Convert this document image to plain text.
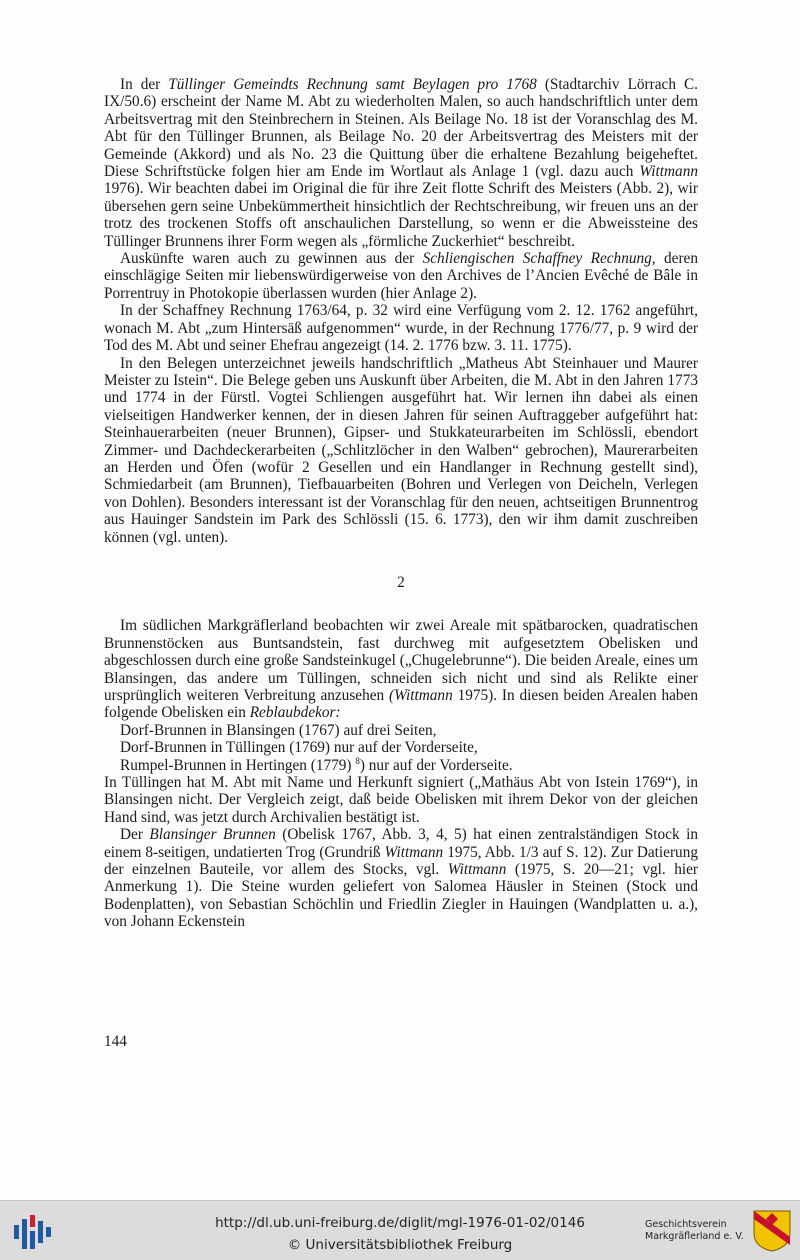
In der Tüllinger Gemeindts Rechnung samt Beylagen pro 1768 (Stadtarchiv Lörrach C. IX/50.6) erscheint der Name M. Abt zu wiederholten Malen, so auch handschriftlich unter dem Arbeitsvertrag mit den Steinbrechern in Steinen. Als Beilage No. 18 ist der Voranschlag des M. Abt für den Tüllinger Brunnen, als Beilage No. 20 der Arbeitsvertrag des Meisters mit der Gemeinde (Akkord) und als No. 23 die Quittung über die erhaltene Bezahlung beigeheftet. Diese Schriftstücke folgen hier am Ende im Wortlaut als Anlage 1 (vgl. dazu auch Wittmann 1976). Wir beachten dabei im Original die für ihre Zeit flotte Schrift des Meisters (Abb. 2), wir übersehen gern seine Unbekümmertheit hinsichtlich der Rechtschreibung, wir freuen uns an der trotz des trockenen Stoffs oft anschaulichen Darstellung, so wenn er die Abweissteine des Tüllinger Brunnens ihrer Form wegen als „förmliche Zuckerhiet“ beschreibt.

Auskünfte waren auch zu gewinnen aus der Schliengischen Schaffney Rechnung, deren einschlägige Seiten mir liebenswürdigerweise von den Archives de l’Ancien Evêché de Bâle in Porrentruy in Photokopie überlassen wurden (hier Anlage 2).

In der Schaffney Rechnung 1763/64, p. 32 wird eine Verfügung vom 2. 12. 1762 angeführt, wonach M. Abt „zum Hintersäß aufgenommen“ wurde, in der Rechnung 1776/77, p. 9 wird der Tod des M. Abt und seiner Ehefrau angezeigt (14. 2. 1776 bzw. 3. 11. 1775).

In den Belegen unterzeichnet jeweils handschriftlich „Matheus Abt Steinhauer und Maurer Meister zu Istein“. Die Belege geben uns Auskunft über Arbeiten, die M. Abt in den Jahren 1773 und 1774 in der Fürstl. Vogtei Schliengen ausgeführt hat. Wir lernen ihn dabei als einen vielseitigen Handwerker kennen, der in diesen Jahren für seinen Auftraggeber aufgeführt hat: Steinhauerarbeiten (neuer Brunnen), Gipser- und Stukkateurarbeiten im Schlössli, ebendort Zimmer- und Dachdeckerarbeiten („Schlitzlöcher in den Walben“ gebrochen), Maurerarbeiten an Herden und Öfen (wofür 2 Gesellen und ein Handlanger in Rechnung gestellt sind), Schmiedarbeit (am Brunnen), Tiefbauarbeiten (Bohren und Verlegen von Deicheln, Verlegen von Dohlen). Besonders interessant ist der Voranschlag für den neuen, achtseitigen Brunnentrog aus Hauinger Sandstein im Park des Schlössli (15. 6. 1773), den wir ihm damit zuschreiben können (vgl. unten).

2

Im südlichen Markgräflerland beobachten wir zwei Areale mit spätbarocken, quadratischen Brunnenstöcken aus Buntsandstein, fast durchweg mit aufgesetztem Obelisken und abgeschlossen durch eine große Sandsteinkugel („Chugelebrunne“). Die beiden Areale, eines um Blansingen, das andere um Tüllingen, schneiden sich nicht und sind als Relikte einer ursprünglich weiteren Verbreitung anzusehen (Wittmann 1975). In diesen beiden Arealen haben folgende Obelisken ein Reblaubdekor:

Dorf-Brunnen in Blansingen (1767) auf drei Seiten,
Dorf-Brunnen in Tüllingen (1769) nur auf der Vorderseite,
Rumpel-Brunnen in Hertingen (1779) $^8$) nur auf der Vorderseite.

In Tüllingen hat M. Abt mit Name und Herkunft signiert („Mathäus Abt von Istein 1769“), in Blansingen nicht. Der Vergleich zeigt, daß beide Obelisken mit ihrem Dekor von der gleichen Hand sind, was jetzt durch Archivalien bestätigt ist.

Der Blansinger Brunnen (Obelisk 1767, Abb. 3, 4, 5) hat einen zentralständigen Stock in einem 8-seitigen, undatierten Trog (Grundriß Wittmann 1975, Abb. 1/3 auf S. 12). Zur Datierung der einzelnen Bauteile, vor allem des Stocks, vgl. Wittmann (1975, S. 20—21; vgl. hier Anmerkung 1). Die Steine wurden geliefert von Salomea Häusler in Steinen (Stock und Bodenplatten), von Sebastian Schöchlin und Friedlin Ziegler in Hauingen (Wandplatten u. a.), von Johann Eckenstein

144
http://dl.ub.uni-freiburg.de/diglit/mgl-1976-01-02/0146
© Universitätsbibliothek Freiburg
Geschichtsverein
Markgräflerland e. V.
